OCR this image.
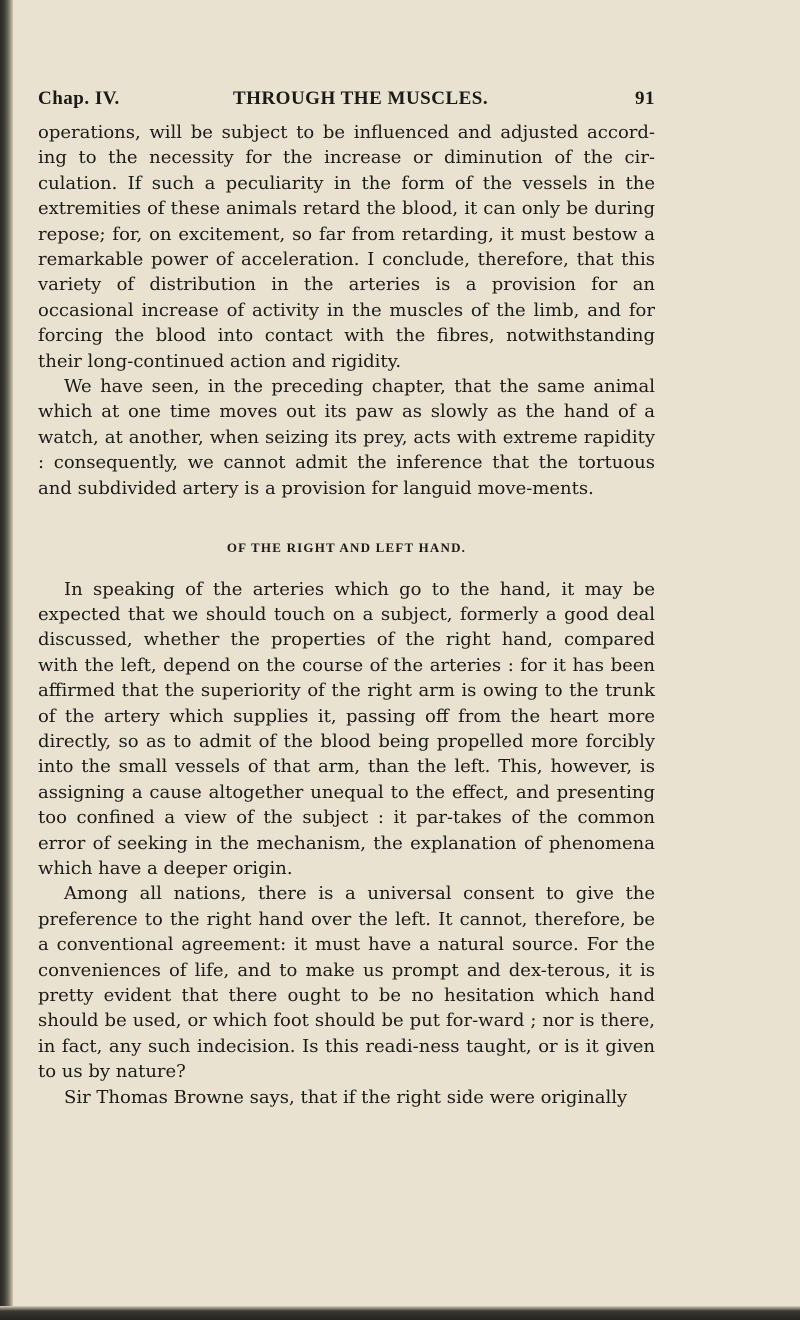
Chap. IV.	THROUGH THE MUSCLES.	91

operations, will be subject to be influenced and adjusted accord-ing to the necessity for the increase or diminution of the cir-culation. If such a peculiarity in the form of the vessels in the extremities of these animals retard the blood, it can only be during repose; for, on excitement, so far from retarding, it must bestow a remarkable power of acceleration. I conclude, therefore, that this variety of distribution in the arteries is a provision for an occasional increase of activity in the muscles of the limb, and for forcing the blood into contact with the fibres, notwithstanding their long-continued action and rigidity.

We have seen, in the preceding chapter, that the same animal which at one time moves out its paw as slowly as the hand of a watch, at another, when seizing its prey, acts with extreme rapidity : consequently, we cannot admit the inference that the tortuous and subdivided artery is a provision for languid move-ments.

OF THE RIGHT AND LEFT HAND.

In speaking of the arteries which go to the hand, it may be expected that we should touch on a subject, formerly a good deal discussed, whether the properties of the right hand, compared with the left, depend on the course of the arteries : for it has been affirmed that the superiority of the right arm is owing to the trunk of the artery which supplies it, passing off from the heart more directly, so as to admit of the blood being propelled more forcibly into the small vessels of that arm, than the left. This, however, is assigning a cause altogether unequal to the effect, and presenting too confined a view of the subject : it par-takes of the common error of seeking in the mechanism, the explanation of phenomena which have a deeper origin.

Among all nations, there is a universal consent to give the preference to the right hand over the left. It cannot, therefore, be a conventional agreement: it must have a natural source. For the conveniences of life, and to make us prompt and dex-terous, it is pretty evident that there ought to be no hesitation which hand should be used, or which foot should be put for-ward ; nor is there, in fact, any such indecision. Is this readi-ness taught, or is it given to us by nature?

Sir Thomas Browne says, that if the right side were originally
